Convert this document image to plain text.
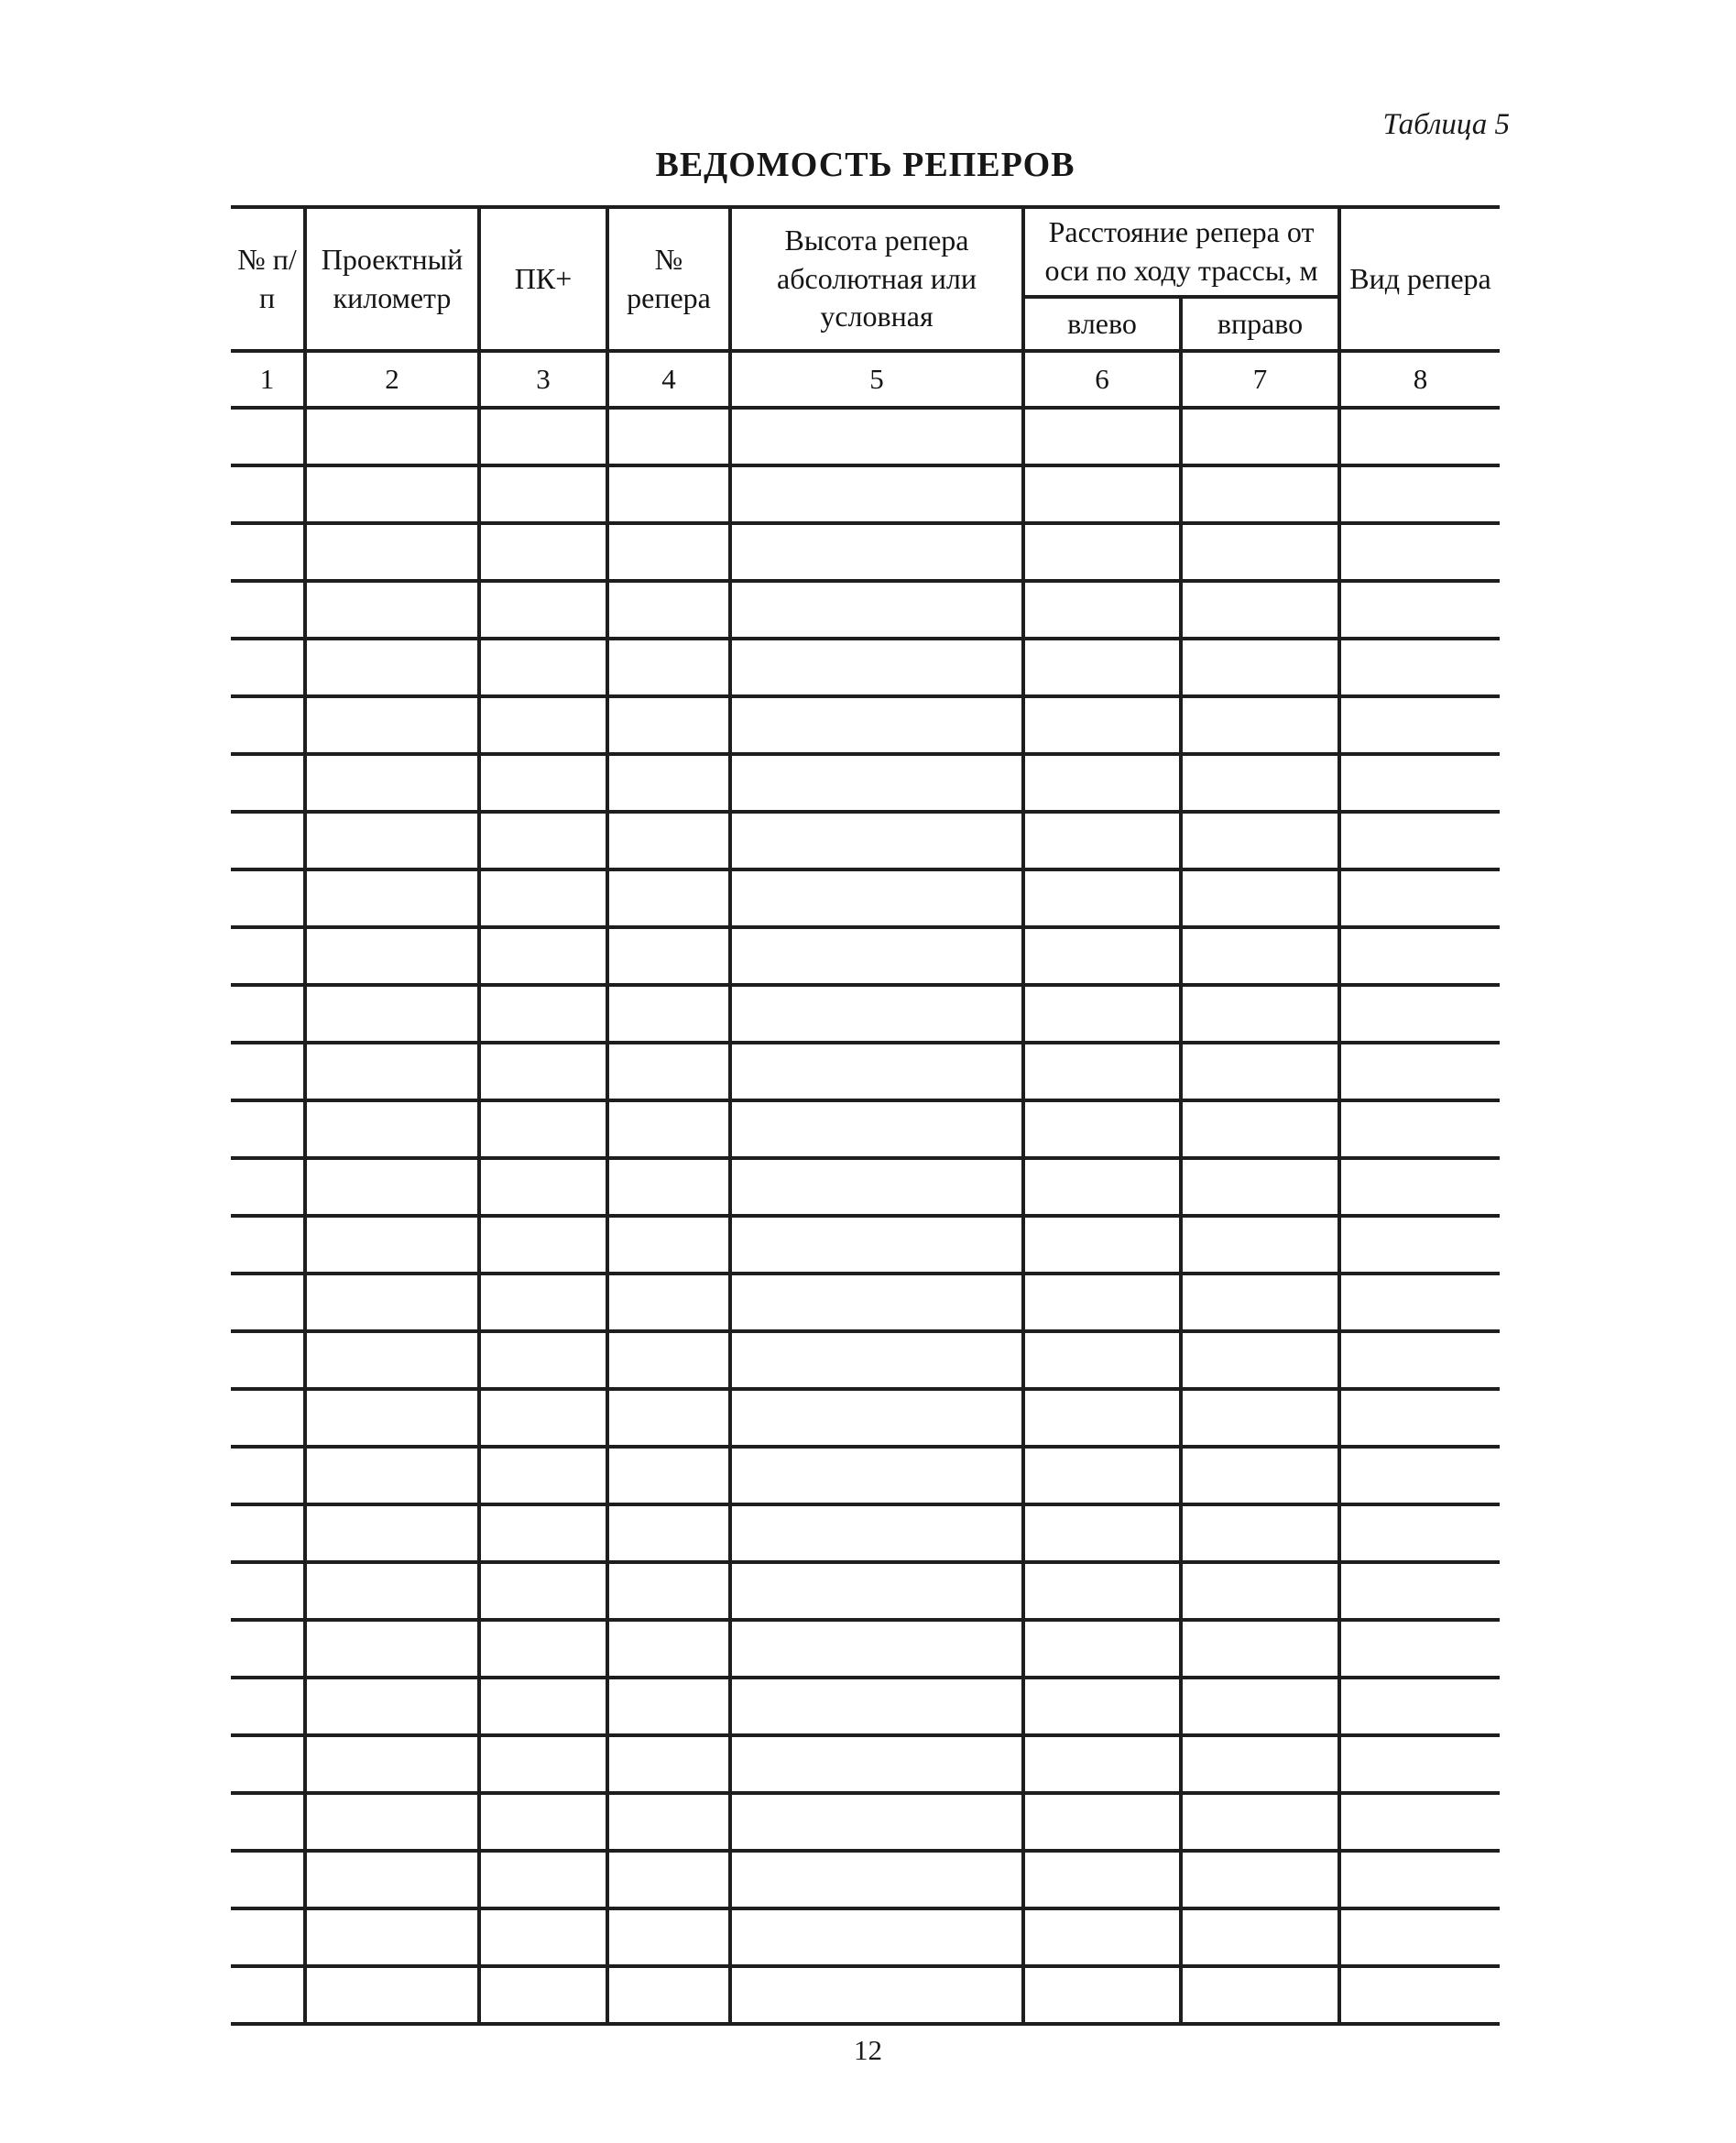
Таблица 5
ВЕДОМОСТЬ РЕПЕРОВ
№ п/п	Проектный километр	ПК+	№ репера	Высота репера абсолютная или условная	Расстояние репера от оси по ходу трассы, м		Вид репера
					влево	вправо	
1	2	3	4	5	6	7	8

12
